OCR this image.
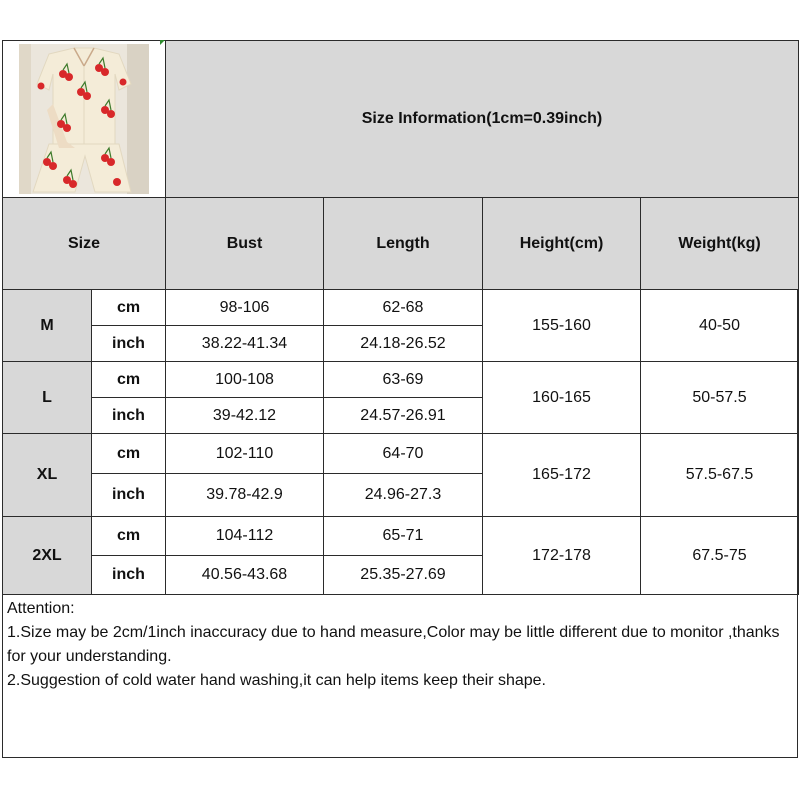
	Size Information(1cm=0.39inch)			
Size		Bust	Length	Height(cm)	Weight(kg)
M	cm	98-106	62-68	155-160	40-50
	inch	38.22-41.34	24.18-26.52		
L	cm	100-108	63-69	160-165	50-57.5
	inch	39-42.12	24.57-26.91		
XL	cm	102-110	64-70	165-172	57.5-67.5
	inch	39.78-42.9	24.96-27.3		
2XL	cm	104-112	65-71	172-178	67.5-75
	inch	40.56-43.68	25.35-27.69		

Attention:

1.Size may be 2cm/1inch inaccuracy due to hand measure,Color may be little different due to monitor ,thanks for your understanding.

2.Suggestion of cold water hand washing,it can help items keep their shape.
